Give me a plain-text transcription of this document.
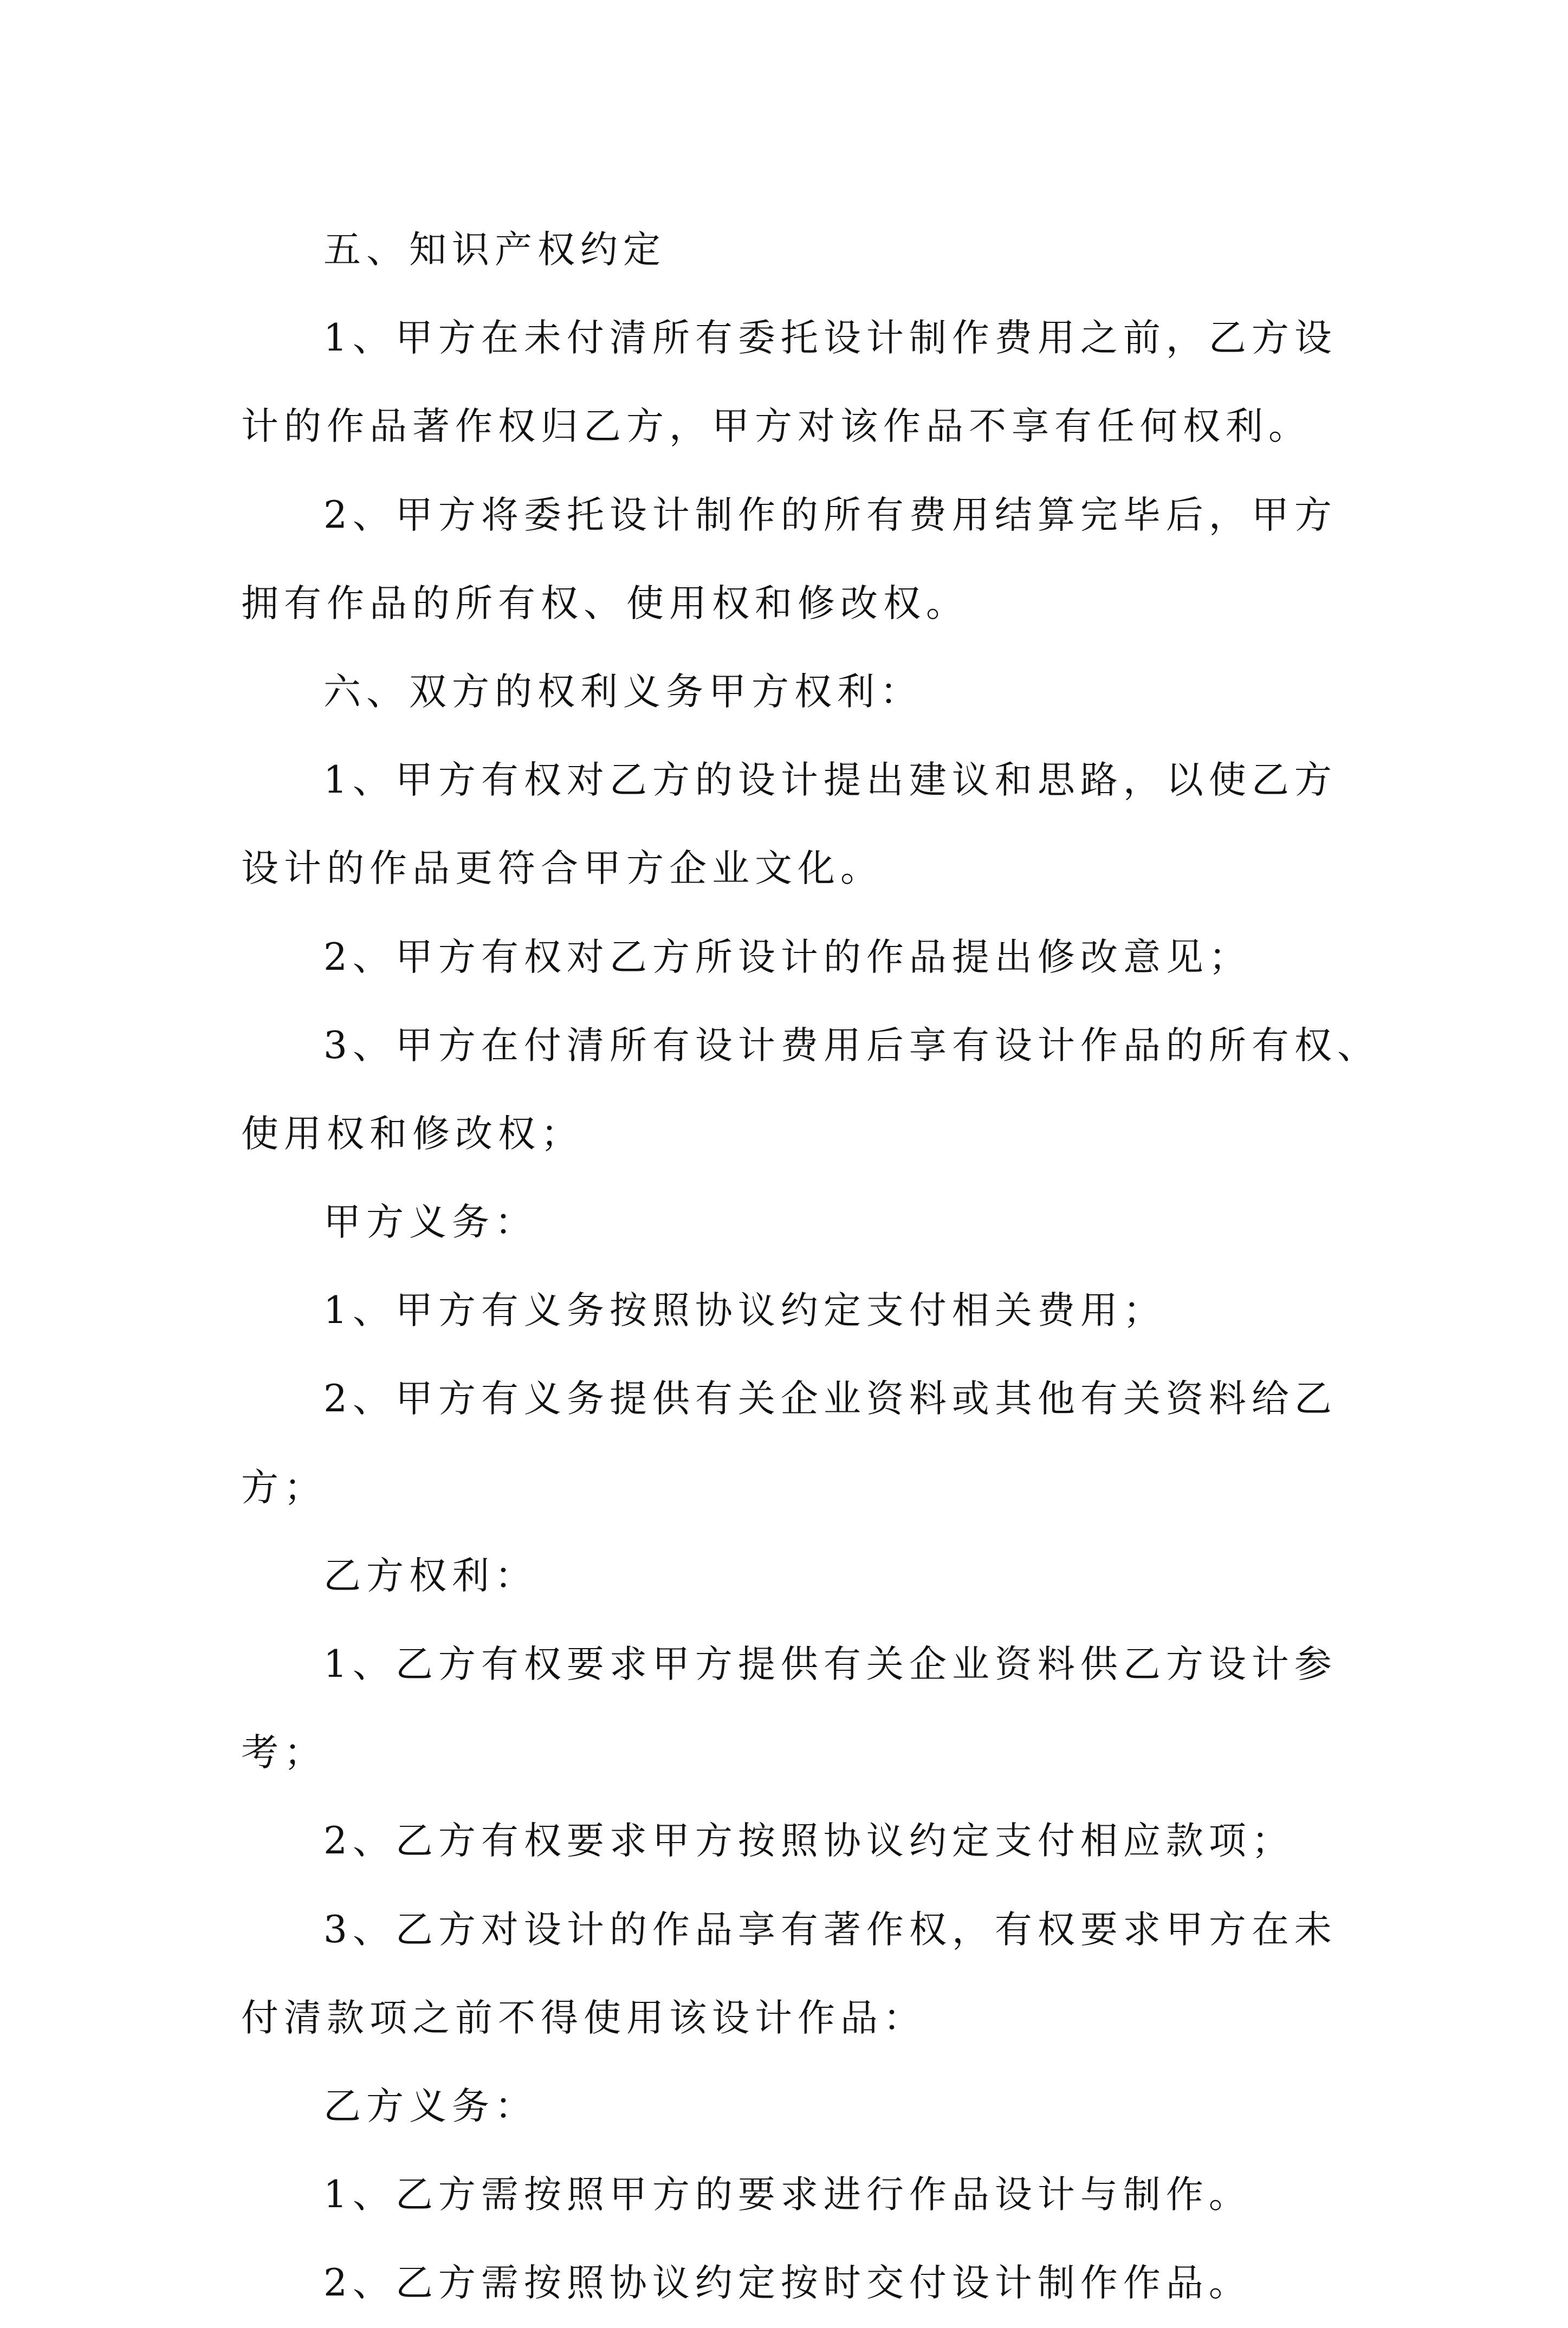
五、知识产权约定
1、甲方在未付清所有委托设计制作费用之前，乙方设
计的作品著作权归乙方，甲方对该作品不享有任何权利。
2、甲方将委托设计制作的所有费用结算完毕后，甲方
拥有作品的所有权、使用权和修改权。
六、双方的权利义务甲方权利：
1、甲方有权对乙方的设计提出建议和思路，以使乙方
设计的作品更符合甲方企业文化。
2、甲方有权对乙方所设计的作品提出修改意见；
3、甲方在付清所有设计费用后享有设计作品的所有权、
使用权和修改权；
甲方义务：
1、甲方有义务按照协议约定支付相关费用；
2、甲方有义务提供有关企业资料或其他有关资料给乙
方；
乙方权利：
1、乙方有权要求甲方提供有关企业资料供乙方设计参
考；
2、乙方有权要求甲方按照协议约定支付相应款项；
3、乙方对设计的作品享有著作权，有权要求甲方在未
付清款项之前不得使用该设计作品：
乙方义务：
1、乙方需按照甲方的要求进行作品设计与制作。
2、乙方需按照协议约定按时交付设计制作作品。
